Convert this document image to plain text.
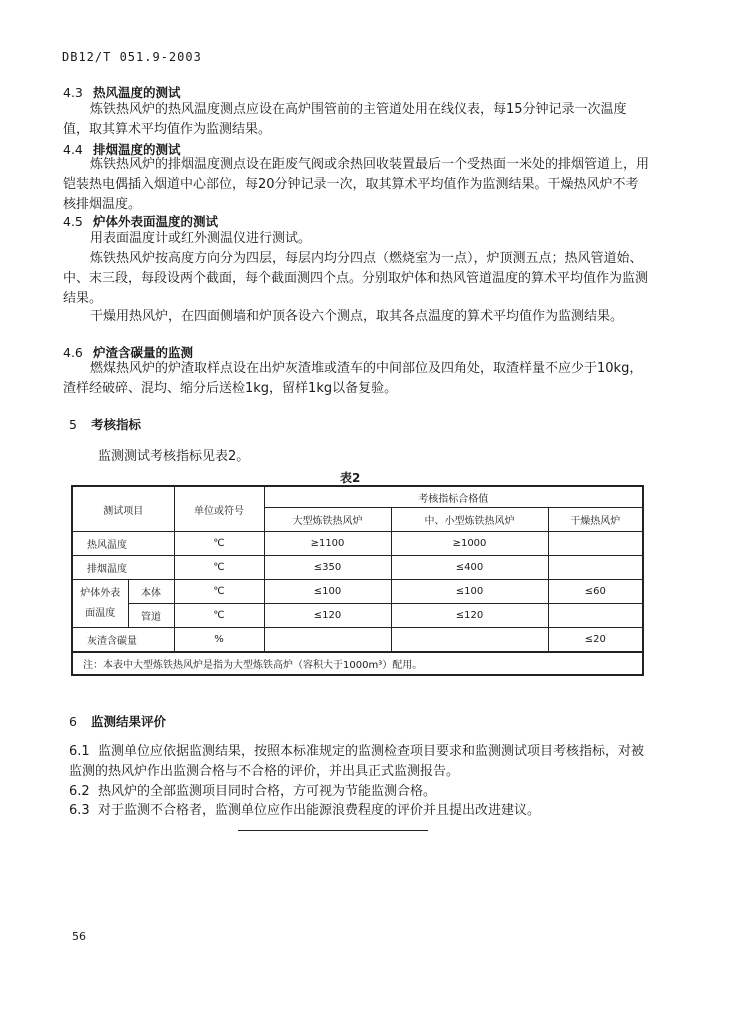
DB12/T 051.9-2003
4.3 热风温度的测试
炼铁热风炉的热风温度测点应设在高炉围管前的主管道处用在线仪表，每15分钟记录一次温度值，取其算术平均值作为监测结果。
4.4 排烟温度的测试
炼铁热风炉的排烟温度测点设在距废气阀或余热回收装置最后一个受热面一米处的排烟管道上，用铠装热电偶插入烟道中心部位，每20分钟记录一次，取其算术平均值作为监测结果。干燥热风炉不考核排烟温度。
4.5 炉体外表面温度的测试
用表面温度计或红外测温仪进行测试。
炼铁热风炉按高度方向分为四层，每层内均分四点（燃烧室为一点），炉顶测五点；热风管道始、中、末三段，每段设两个截面，每个截面测四个点。分别取炉体和热风管道温度的算术平均值作为监测结果。
干燥用热风炉，在四面侧墙和炉顶各设六个测点，取其各点温度的算术平均值作为监测结果。
4.6 炉渣含碳量的监测
燃煤热风炉的炉渣取样点设在出炉灰渣堆或渣车的中间部位及四角处，取渣样量不应少于10kg，渣样经破碎、混均、缩分后送检1kg，留样1kg以备复验。
5 考核指标
监测测试考核指标见表2。
表2
测试项目		单位或符号	考核指标合格值		
			大型炼铁热风炉	中、小型炼铁热风炉	干燥热风炉
热风温度		℃	≥1100	≥1000	
排烟温度		℃	≤350	≤400	
炉体外表面温度	本体	℃	≤100	≤100	≤60
	管道	℃	≤120	≤120	
灰渣含碳量		%			≤20
注：本表中大型炼铁热风炉是指为大型炼铁高炉（容积大于1000m³）配用。					
6 监测结果评价
6.1 监测单位应依据监测结果，按照本标准规定的监测检查项目要求和监测测试项目考核指标，对被监测的热风炉作出监测合格与不合格的评价，并出具正式监测报告。
6.2 热风炉的全部监测项目同时合格，方可视为节能监测合格。
6.3 对于监测不合格者，监测单位应作出能源浪费程度的评价并且提出改进建议。
56
